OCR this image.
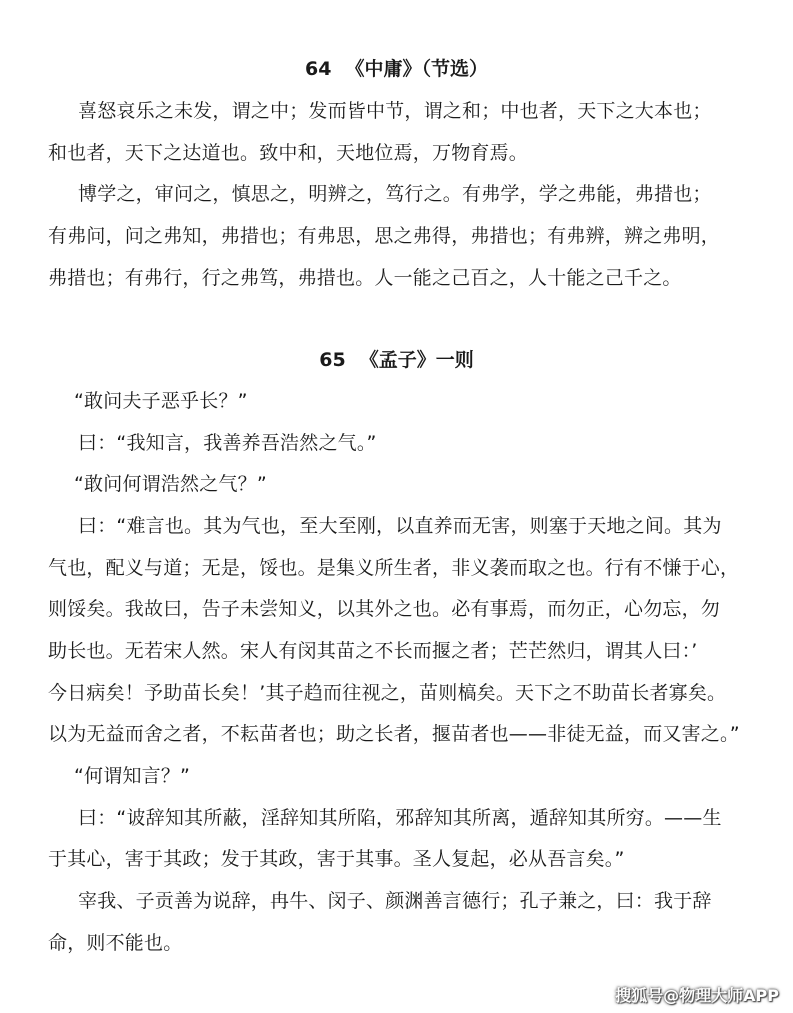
64 《中庸》（节选）
喜怒哀乐之未发，谓之中；发而皆中节，谓之和；中也者，天下之大本也；
和也者，天下之达道也。致中和，天地位焉，万物育焉。
博学之，审问之，慎思之，明辨之，笃行之。有弗学，学之弗能，弗措也；
有弗问，问之弗知，弗措也；有弗思，思之弗得，弗措也；有弗辨，辨之弗明，
弗措也；有弗行，行之弗笃，弗措也。人一能之己百之，人十能之己千之。
65 《孟子》一则
“敢问夫子恶乎长？”
曰：“我知言，我善养吾浩然之气。”
“敢问何谓浩然之气？”
曰：“难言也。其为气也，至大至刚，以直养而无害，则塞于天地之间。其为
气也，配义与道；无是，馁也。是集义所生者，非义袭而取之也。行有不慊于心，
则馁矣。我故曰，告子未尝知义，以其外之也。必有事焉，而勿正，心勿忘，勿
助长也。无若宋人然。宋人有闵其苗之不长而揠之者；芒芒然归，谓其人曰：’
今日病矣！予助苗长矣！’其子趋而往视之，苗则槁矣。天下之不助苗长者寡矣。
以为无益而舍之者，不耘苗者也；助之长者，揠苗者也——非徒无益，而又害之。”
“何谓知言？”
曰：“诐辞知其所蔽，淫辞知其所陷，邪辞知其所离，遁辞知其所穷。——生
于其心，害于其政；发于其政，害于其事。圣人复起，必从吾言矣。”
宰我、子贡善为说辞，冉牛、闵子、颜渊善言德行；孔子兼之，曰：我于辞
命，则不能也。
搜狐号@物理大师APP
